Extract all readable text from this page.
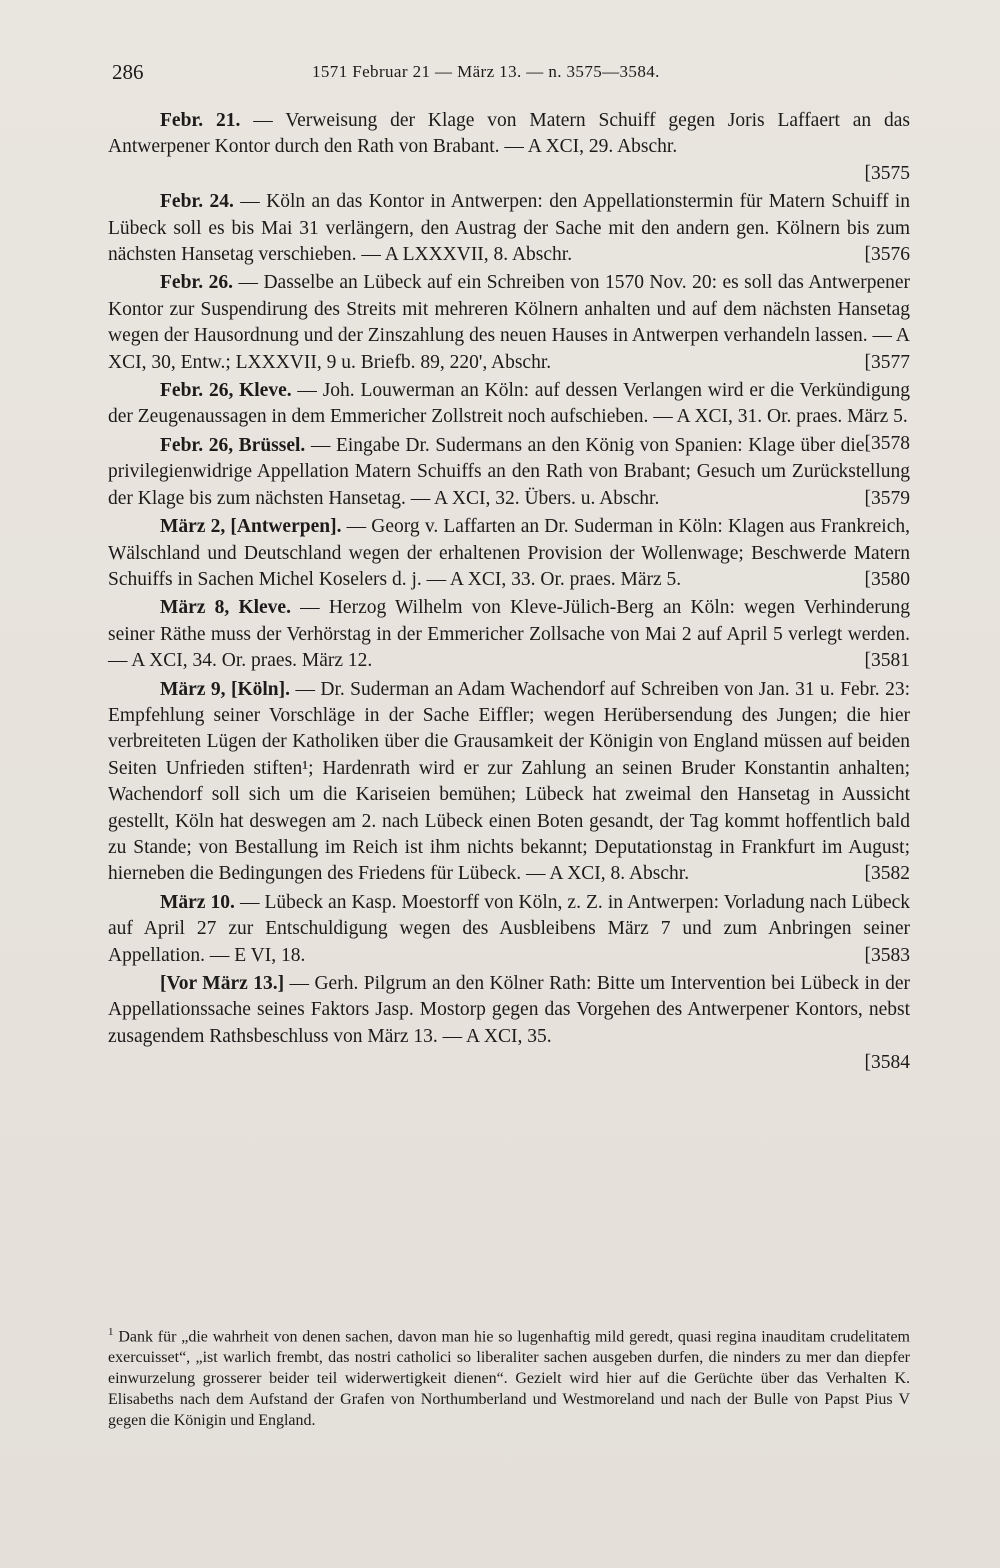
286	1571 Februar 21 — März 13. — n. 3575—3584.

Febr. 21. — Verweisung der Klage von Matern Schuiff gegen Joris Laffaert an das Antwerpener Kontor durch den Rath von Brabant. — A XCI, 29. Abschr.
[3575

Febr. 24. — Köln an das Kontor in Antwerpen: den Appellationstermin für Matern Schuiff in Lübeck soll es bis Mai 31 verlängern, den Austrag der Sache mit den andern gen. Kölnern bis zum nächsten Hansetag verschieben. — A LXXXVII, 8. Abschr.	[3576

Febr. 26. — Dasselbe an Lübeck auf ein Schreiben von 1570 Nov. 20: es soll das Antwerpener Kontor zur Suspendirung des Streits mit mehreren Kölnern anhalten und auf dem nächsten Hansetag wegen der Hausordnung und der Zinszahlung des neuen Hauses in Antwerpen verhandeln lassen. — A XCI, 30, Entw.; LXXXVII, 9 u. Briefb. 89, 220', Abschr.	[3577

Febr. 26, Kleve. — Joh. Louwerman an Köln: auf dessen Verlangen wird er die Verkündigung der Zeugenaussagen in dem Emmericher Zollstreit noch aufschieben. — A XCI, 31. Or. praes. März 5.
[3578

Febr. 26, Brüssel. — Eingabe Dr. Sudermans an den König von Spanien: Klage über die privilegienwidrige Appellation Matern Schuiffs an den Rath von Brabant; Gesuch um Zurückstellung der Klage bis zum nächsten Hansetag. — A XCI, 32. Übers. u. Abschr.	[3579

März 2, [Antwerpen]. — Georg v. Laffarten an Dr. Suderman in Köln: Klagen aus Frankreich, Wälschland und Deutschland wegen der erhaltenen Provision der Wollenwage; Beschwerde Matern Schuiffs in Sachen Michel Koselers d. j. — A XCI, 33. Or. praes. März 5.	[3580

März 8, Kleve. — Herzog Wilhelm von Kleve-Jülich-Berg an Köln: wegen Verhinderung seiner Räthe muss der Verhörstag in der Emmericher Zollsache von Mai 2 auf April 5 verlegt werden. — A XCI, 34. Or. praes. März 12.	[3581

März 9, [Köln]. — Dr. Suderman an Adam Wachendorf auf Schreiben von Jan. 31 u. Febr. 23: Empfehlung seiner Vorschläge in der Sache Eiffler; wegen Herübersendung des Jungen; die hier verbreiteten Lügen der Katholiken über die Grausamkeit der Königin von England müssen auf beiden Seiten Unfrieden stiften¹; Hardenrath wird er zur Zahlung an seinen Bruder Konstantin anhalten; Wachendorf soll sich um die Kariseien bemühen; Lübeck hat zweimal den Hansetag in Aussicht gestellt, Köln hat deswegen am 2. nach Lübeck einen Boten gesandt, der Tag kommt hoffentlich bald zu Stande; von Bestallung im Reich ist ihm nichts bekannt; Deputationstag in Frankfurt im August; hierneben die Bedingungen des Friedens für Lübeck. — A XCI, 8. Abschr.	[3582

März 10. — Lübeck an Kasp. Moestorff von Köln, z. Z. in Antwerpen: Vorladung nach Lübeck auf April 27 zur Entschuldigung wegen des Ausbleibens März 7 und zum Anbringen seiner Appellation. — E VI, 18.	[3583

[Vor März 13.] — Gerh. Pilgrum an den Kölner Rath: Bitte um Intervention bei Lübeck in der Appellationssache seines Faktors Jasp. Mostorp gegen das Vorgehen des Antwerpener Kontors, nebst zusagendem Rathsbeschluss von März 13. — A XCI, 35.
[3584

$^1$ Dank für „die wahrheit von denen sachen, davon man hie so lugenhaftig mild geredt, quasi regina inauditam crudelitatem exercuisset“, „ist warlich frembt, das nostri catholici so liberaliter sachen ausgeben durfen, die ninders zu mer dan diepfer einwurzelung grosserer beider teil widerwertigkeit dienen“. Gezielt wird hier auf die Gerüchte über das Verhalten K. Elisabeths nach dem Aufstand der Grafen von Northumberland und Westmoreland und nach der Bulle von Papst Pius V gegen die Königin und England.
